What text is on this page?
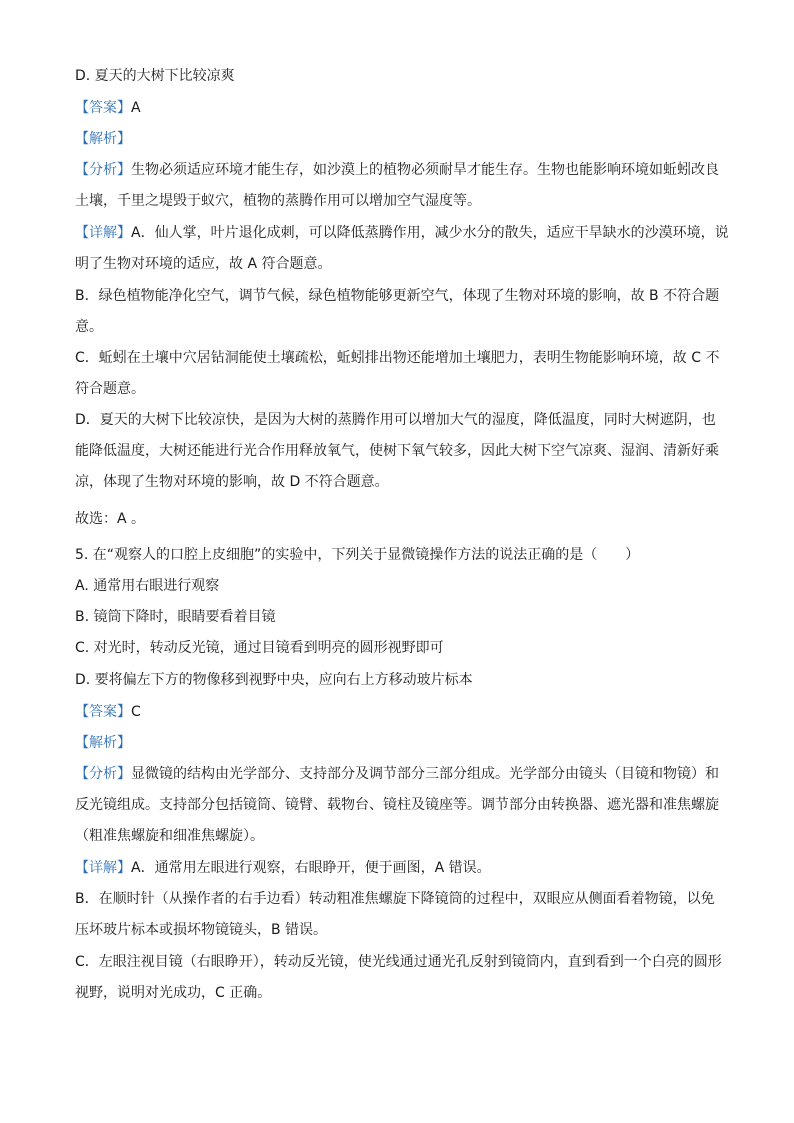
D. 夏天的大树下比较凉爽
【答案】A
【解析】
【分析】生物必须适应环境才能生存，如沙漠上的植物必须耐旱才能生存。生物也能影响环境如蚯蚓改良
土壤，千里之堤毁于蚁穴，植物的蒸腾作用可以增加空气湿度等。
【详解】A．仙人掌，叶片退化成刺，可以降低蒸腾作用，减少水分的散失，适应干旱缺水的沙漠环境，说
明了生物对环境的适应，故 A 符合题意。
B．绿色植物能净化空气，调节气候，绿色植物能够更新空气，体现了生物对环境的影响，故 B 不符合题
意。
C．蚯蚓在土壤中穴居钻洞能使土壤疏松，蚯蚓排出物还能增加土壤肥力，表明生物能影响环境，故 C 不
符合题意。
D．夏天的大树下比较凉快，是因为大树的蒸腾作用可以增加大气的湿度，降低温度，同时大树遮阴，也
能降低温度，大树还能进行光合作用释放氧气，使树下氧气较多，因此大树下空气凉爽、湿润、清新好乘
凉，体现了生物对环境的影响，故 D 不符合题意。
故选：A 。
5. 在“观察人的口腔上皮细胞”的实验中，下列关于显微镜操作方法的说法正确的是（　　）
A. 通常用右眼进行观察
B. 镜筒下降时，眼睛要看着目镜
C. 对光时，转动反光镜，通过目镜看到明亮的圆形视野即可
D. 要将偏左下方的物像移到视野中央，应向右上方移动玻片标本
【答案】C
【解析】
【分析】显微镜的结构由光学部分、支持部分及调节部分三部分组成。光学部分由镜头（目镜和物镜）和
反光镜组成。支持部分包括镜筒、镜臂、载物台、镜柱及镜座等。调节部分由转换器、遮光器和准焦螺旋
（粗准焦螺旋和细准焦螺旋）。
【详解】A．通常用左眼进行观察，右眼睁开，便于画图，A 错误。
B．在顺时针（从操作者的右手边看）转动粗准焦螺旋下降镜筒的过程中，双眼应从侧面看着物镜，以免
压坏玻片标本或损坏物镜镜头，B 错误。
C．左眼注视目镜（右眼睁开），转动反光镜，使光线通过通光孔反射到镜筒内，直到看到一个白亮的圆形
视野，说明对光成功，C 正确。
